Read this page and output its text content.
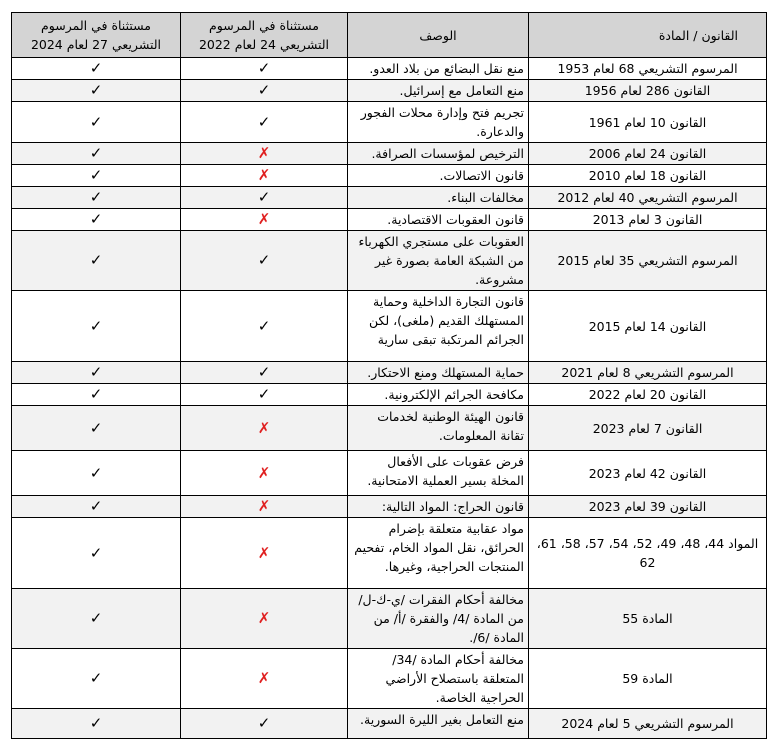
القانون / المادة	الوصف	مستثناة في المرسوم التشريعي 24 لعام 2022	مستثناة في المرسوم التشريعي 27 لعام 2024
المرسوم التشريعي 68 لعام 1953	منع نقل البضائع من بلاد العدو.	✓	✓
القانون 286 لعام 1956	منع التعامل مع إسرائيل.	✓	✓
القانون 10 لعام 1961	تجريم فتح وإدارة محلات الفجور والدعارة.	✓	✓
القانون 24 لعام 2006	الترخيص لمؤسسات الصرافة.	✗	✓
القانون 18 لعام 2010	قانون الاتصالات.	✗	✓
المرسوم التشريعي 40 لعام 2012	مخالفات البناء.	✓	✓
القانون 3 لعام 2013	قانون العقوبات الاقتصادية.	✗	✓
المرسوم التشريعي 35 لعام 2015	العقوبات على مستجري الكهرباء من الشبكة العامة بصورة غير مشروعة.	✓	✓
القانون 14 لعام 2015	قانون التجارة الداخلية وحماية المستهلك القديم (ملغى)، لكن الجرائم المرتكبة تبقى سارية	✓	✓
المرسوم التشريعي 8 لعام 2021	حماية المستهلك ومنع الاحتكار.	✓	✓
القانون 20 لعام 2022	مكافحة الجرائم الإلكترونية.	✓	✓
القانون 7 لعام 2023	قانون الهيئة الوطنية لخدمات تقانة المعلومات.	✗	✓
القانون 42 لعام 2023	فرض عقوبات على الأفعال المخلة بسير العملية الامتحانية.	✗	✓
القانون 39 لعام 2023	قانون الحراج: المواد التالية:	✗	✓
المواد 44، 48، 49، 52، 54، 57، 58، 61، 62	مواد عقابية متعلقة بإضرام الحرائق، نقل المواد الخام، تفحيم المنتجات الحراجية، وغيرها.	✗	✓
المادة 55	مخالفة أحكام الفقرات /ي-ك-ل/ من المادة /4/ والفقرة /أ/ من المادة /6/.	✗	✓
المادة 59	مخالفة أحكام المادة /34/ المتعلقة باستصلاح الأراضي الحراجية الخاصة.	✗	✓
المرسوم التشريعي 5 لعام 2024	منع التعامل بغير الليرة السورية.	✓	✓
